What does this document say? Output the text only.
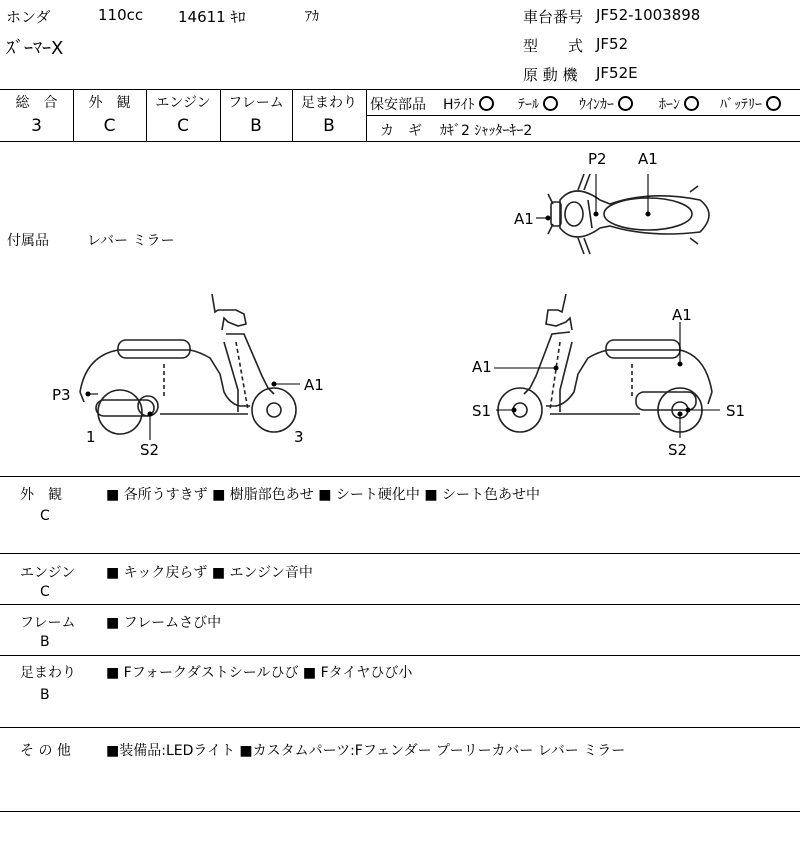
ホンダ	110cc 14611 ｷﾛ	ｱｶ
ｽﾞｰﾏｰX
車台番号 JF52-1003898
型　　式 JF52
原 動 機 JF52E
総　合
3
外　観
C
エンジン
C
フレーム
B
足まわり
B
保安部品 Hﾗｲﾄ	ﾃｰﾙ	ｳｲﾝｶｰ	ﾎｰﾝ	ﾊﾞｯﾃﾘｰ
カ　ギ ｶｷﾞ2 ｼｬｯﾀｰｷｰ2
付属品	レバー ミラー
P2 A1
A1
A1
P3
S2
1	3
A1
A1
S1	S1
S2
外　観
C
■ 各所うすきず ■ 樹脂部色あせ ■ シート硬化中 ■ シート色あせ中
エンジン
C
■ キック戻らず ■ エンジン音中
フレーム
B
■ フレームさび中
足まわり
B
■ Fフォークダストシールひび ■ Fタイヤひび小
そ の 他	■装備品:LEDライト ■カスタムパーツ:Fフェンダー プーリーカバー レバー ミラー
